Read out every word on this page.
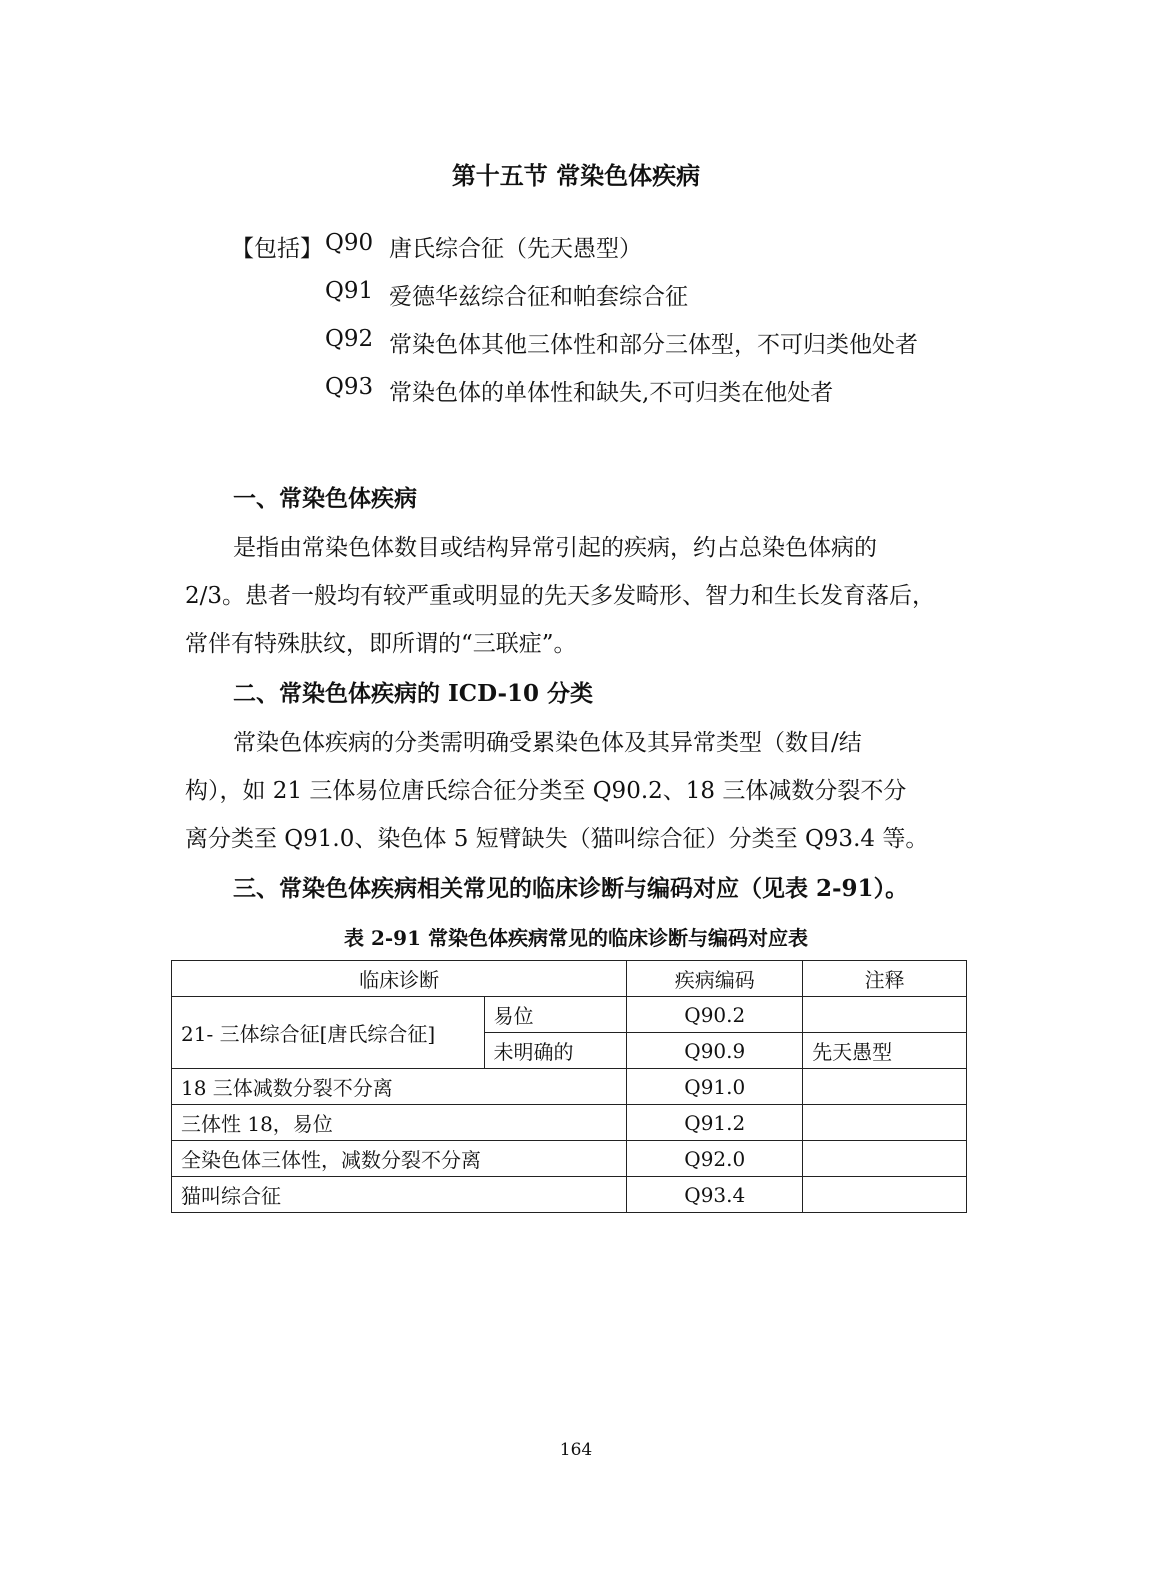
第十五节 常染色体疾病
【包括】 Q90 唐氏综合征（先天愚型）
Q91 爱德华兹综合征和帕套综合征
Q92 常染色体其他三体性和部分三体型，不可归类他处者
Q93 常染色体的单体性和缺失,不可归类在他处者
一、常染色体疾病
是指由常染色体数目或结构异常引起的疾病，约占总染色体病的
2/3。患者一般均有较严重或明显的先天多发畸形、智力和生长发育落后，
常伴有特殊肤纹，即所谓的“三联症”。
二、常染色体疾病的 ICD-10 分类
常染色体疾病的分类需明确受累染色体及其异常类型（数目/结
构），如 21 三体易位唐氏综合征分类至 Q90.2、18 三体减数分裂不分
离分类至 Q91.0、染色体 5 短臂缺失（猫叫综合征）分类至 Q93.4 等。
三、常染色体疾病相关常见的临床诊断与编码对应（见表 2-91）。
表 2-91 常染色体疾病常见的临床诊断与编码对应表
临床诊断		疾病编码	注释
21- 三体综合征[唐氏综合征]	易位	Q90.2	
	未明确的	Q90.9	先天愚型
18 三体减数分裂不分离		Q91.0	
三体性 18，易位		Q91.2	
全染色体三体性，减数分裂不分离		Q92.0	
猫叫综合征		Q93.4	
164
